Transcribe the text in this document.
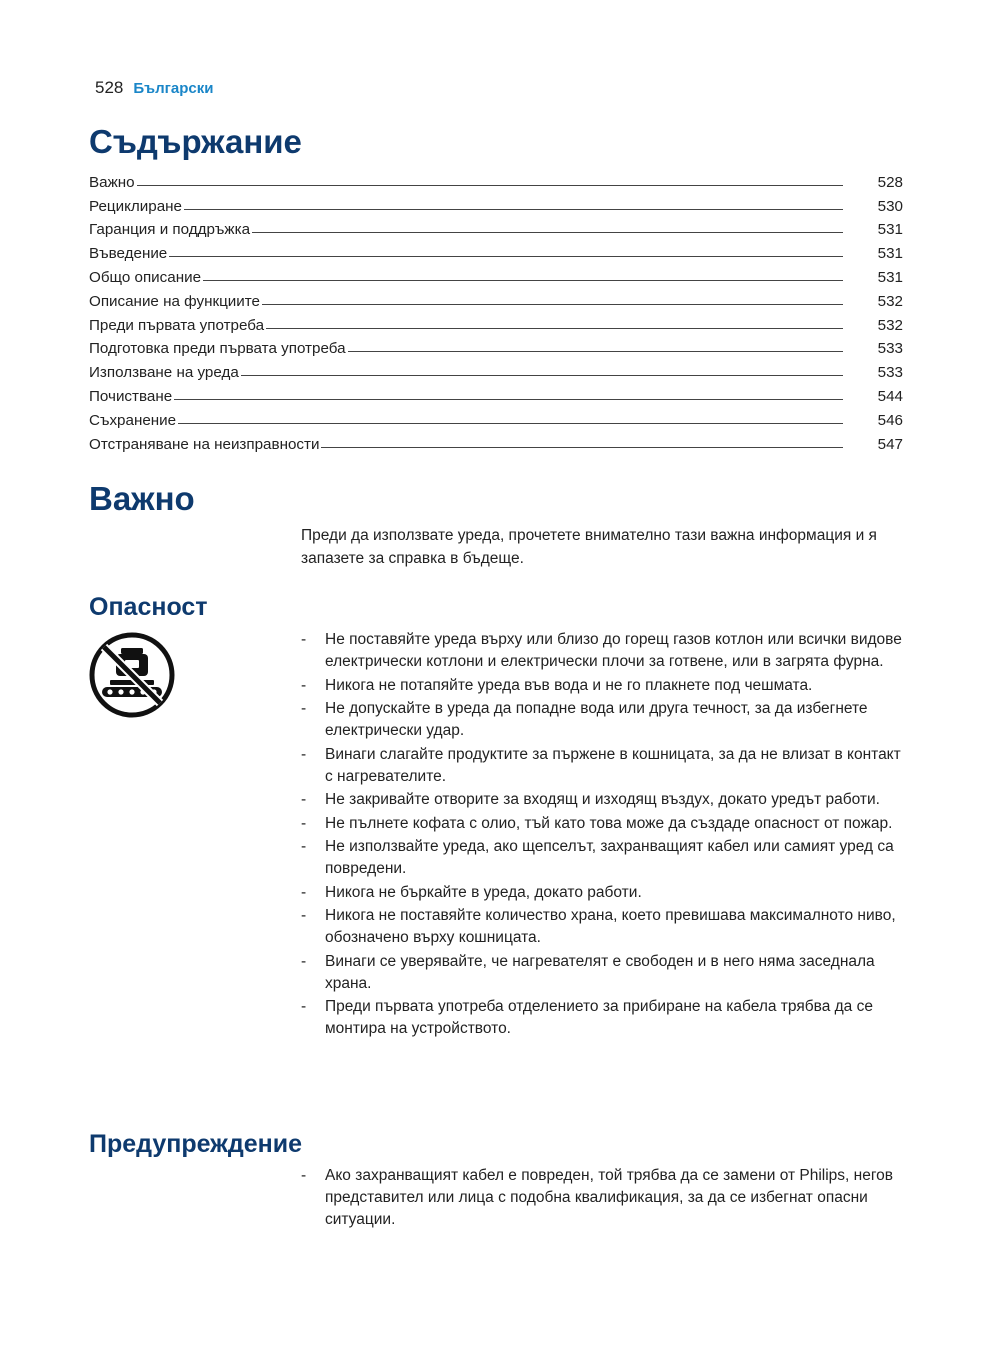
528 Български
Съдържание
Важно	528
Рециклиране	530
Гаранция и поддръжка	531
Въведение	531
Общо описание	531
Описание на функциите	532
Преди първата употреба	532
Подготовка преди първата употреба	533
Използване на уреда	533
Почистване	544
Съхранение	546
Отстраняване на неизправности	547
Важно

Преди да използвате уреда, прочетете внимателно тази важна информация и я запазете за справка в бъдеще.

Опасност
-	Не поставяйте уреда върху или близо до горещ газов котлон или всички видове електрически котлони и електрически плочи за готвене, или в загрята фурна.
-	Никога не потапяйте уреда във вода и не го плакнете под чешмата.
-	Не допускайте в уреда да попадне вода или друга течност, за да избегнете електрически удар.
-	Винаги слагайте продуктите за пържене в кошницата, за да не влизат в контакт с нагревателите.
-	Не закривайте отворите за входящ и изходящ въздух, докато уредът работи.
-	Не пълнете кофата с олио, тъй като това може да създаде опасност от пожар.
-	Не използвайте уреда, ако щепселът, захранващият кабел или самият уред са повредени.
-	Никога не бъркайте в уреда, докато работи.
-	Никога не поставяйте количество храна, което превишава максималното ниво, обозначено върху кошницата.
-	Винаги се уверявайте, че нагревателят е свободен и в него няма заседнала храна.
-	Преди първата употреба отделението за прибиране на кабела трябва да се монтира на устройството.
Предупреждение
-	Ако захранващият кабел е повреден, той трябва да се замени от Philips, негов представител или лица с подобна квалификация, за да се избегнат опасни ситуации.
